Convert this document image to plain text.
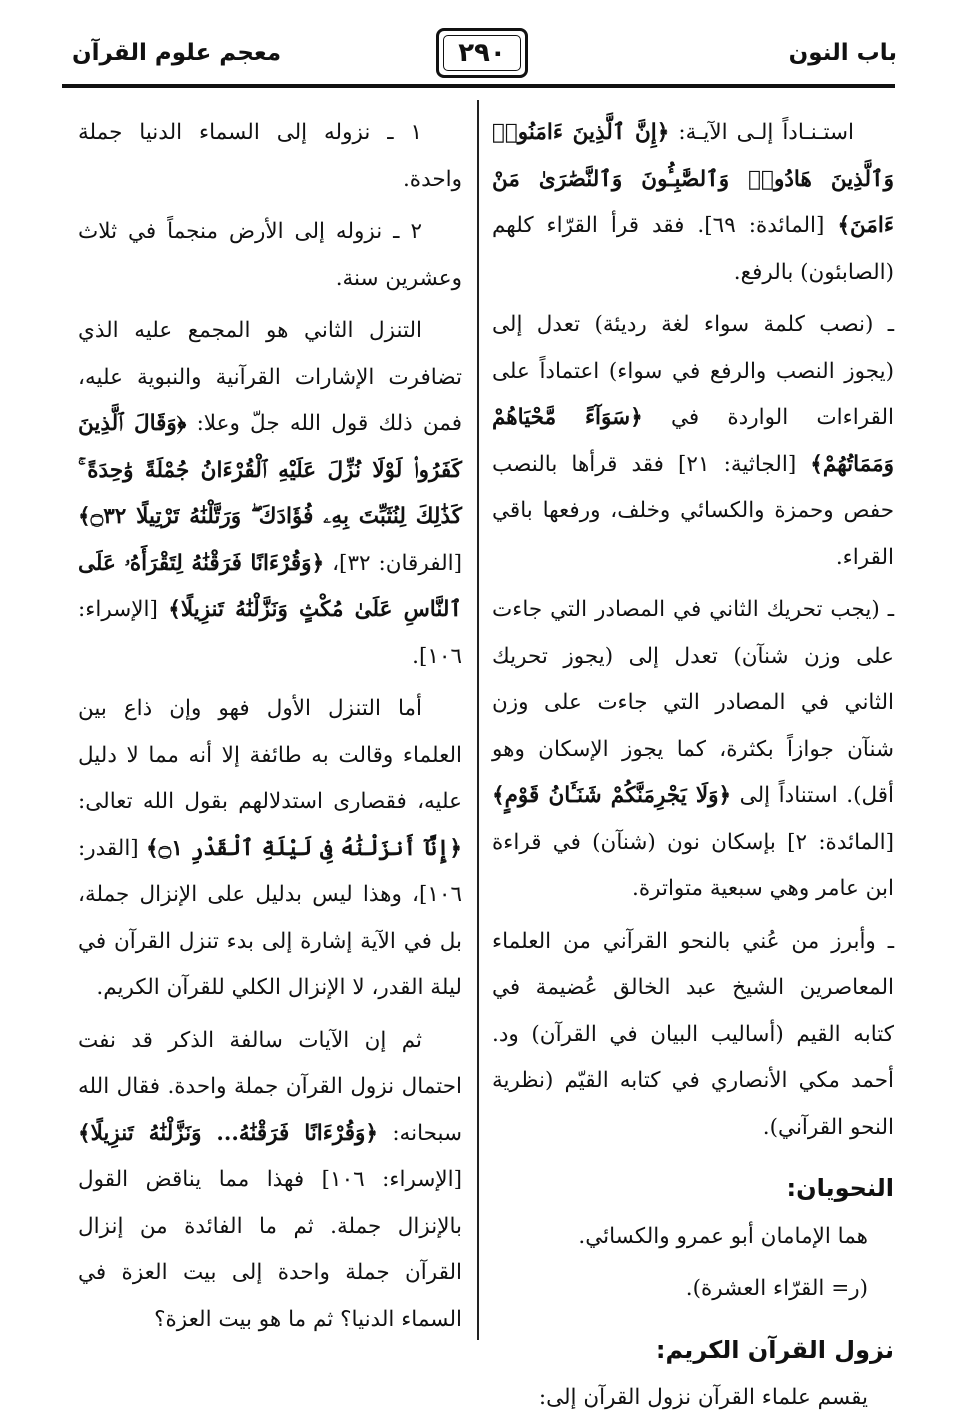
باب النون
٢٩٠
معجم علوم القرآن

استـنـاداً إلـى الآيـة: ﴿إِنَّ ٱلَّذِينَ ءَامَنُوا۟ وَٱلَّذِينَ هَادُوا۟ وَٱلصَّٰبِـُٔونَ وَٱلنَّصَٰرَىٰ مَنْ ءَامَنَ﴾ [المائدة: ٦٩]. فقد قرأ القرّاء كلهم (الصابئون) بالرفع.

ـ (نصب كلمة سواء لغة رديئة) تعدل إلى (يجوز النصب والرفع في سواء) اعتماداً على القراءات الواردة في ﴿سَوَآءً مَّحْيَاهُمْ وَمَمَاتُهُمْ﴾ [الجاثية: ٢١] فقد قرأها بالنصب حفص وحمزة والكسائي وخلف، ورفعها باقي القراء.

ـ (يجب تحريك الثاني في المصادر التي جاءت على وزن شنآن) تعدل إلى (يجوز تحريك الثاني في المصادر التي جاءت على وزن شنآن جوازاً بكثرة، كما يجوز الإسكان وهو أقل). استناداً إلى ﴿وَلَا يَجْرِمَنَّكُمْ شَنَـَٔانُ قَوْمٍ﴾ [المائدة: ٢] بإسكان نون (شنآن) في قراءة ابن عامر وهي سبعية متواترة.

ـ وأبرز من عُني بالنحو القرآني من العلماء المعاصرين الشيخ عبد الخالق عُضيمة في كتابه القيم (أساليب البيان في القرآن) ود. أحمد مكي الأنصاري في كتابه القيّم (نظرية النحو القرآني).

النحويان:

هما الإمامان أبو عمرو والكسائي.

(ر= القرّاء العشرة).

نزول القرآن الكريم:

يقسم علماء القرآن نزول القرآن إلى:

١ ـ نزوله إلى السماء الدنيا جملة واحدة.

٢ ـ نزوله إلى الأرض منجماً في ثلاث وعشرين سنة.

التنزل الثاني هو المجمع عليه الذي تضافرت الإشارات القرآنية والنبوية عليه، فمن ذلك قول الله جلّ وعلا: ﴿وَقَالَ ٱلَّذِينَ كَفَرُوا۟ لَوْلَا نُزِّلَ عَلَيْهِ ٱلْقُرْءَانُ جُمْلَةً وَٰحِدَةً ۚ كَذَٰلِكَ لِنُثَبِّتَ بِهِۦ فُؤَادَكَ ۖ وَرَتَّلْنَٰهُ تَرْتِيلًا ۝٣٢﴾ [الفرقان: ٣٢]، ﴿وَقُرْءَانًا فَرَقْنَٰهُ لِتَقْرَأَهُۥ عَلَى ٱلنَّاسِ عَلَىٰ مُكْثٍ وَنَزَّلْنَٰهُ تَنزِيلًا﴾ [الإسراء: ١٠٦].

أما التنزل الأول فهو وإن ذاع بين العلماء وقالت به طائفة إلا أنه مما لا دليل عليه، فقصارى استدلالهم بقول الله تعالى: ﴿إِنَّآ أَنزَلْنَٰهُ فِى لَيْلَةِ ٱلْقَدْرِ ۝١﴾ [القدر: ١٠٦]، وهذا ليس بدليل على الإنزال جملة، بل في الآية إشارة إلى بدء تنزل القرآن في ليلة القدر، لا الإنزال الكلي للقرآن الكريم.

ثم إن الآيات سالفة الذكر قد نفت احتمال نزول القرآن جملة واحدة. فقال الله سبحانه: ﴿وَقُرْءَانًا فَرَقْنَٰهُ... وَنَزَّلْنَٰهُ تَنزِيلًا﴾ [الإسراء: ١٠٦] فهذا مما يناقض القول بالإنزال جملة. ثم ما الفائدة من إنزال القرآن جملة واحدة إلى بيت العزة في السماء الدنيا؟ ثم ما هو بيت العزة؟
